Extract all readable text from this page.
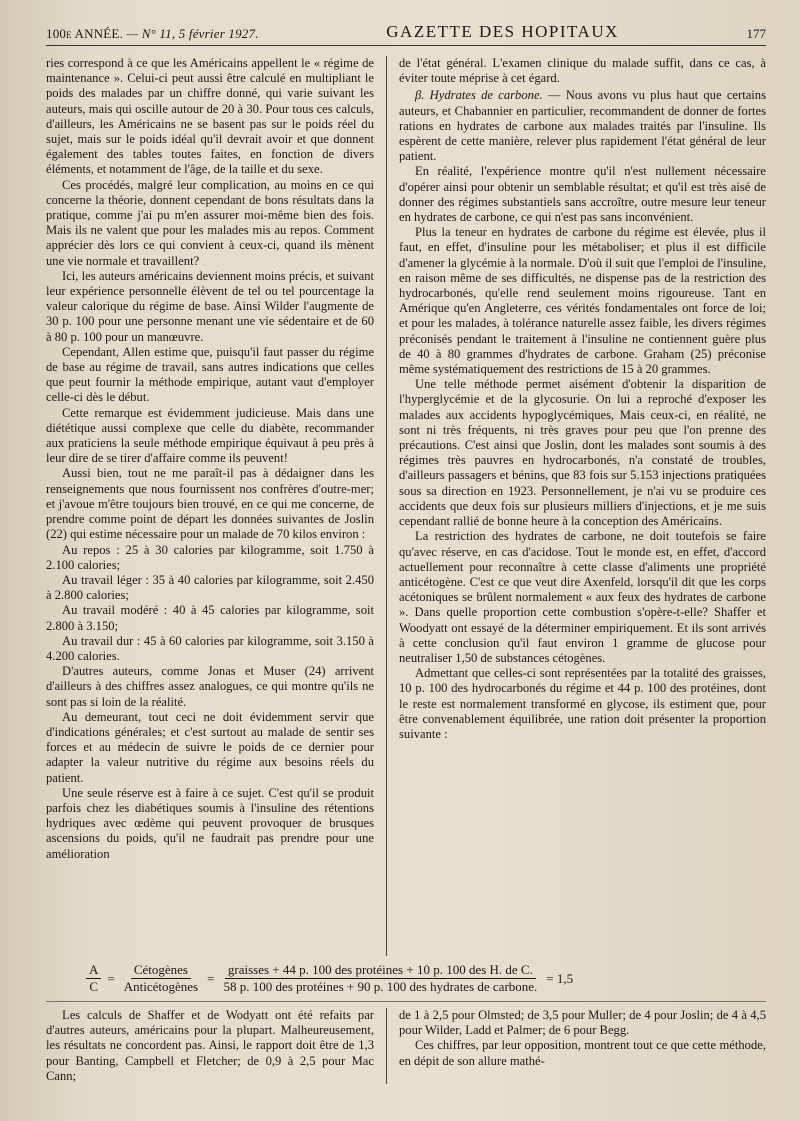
100e ANNÉE. — N° 11, 5 février 1927.	GAZETTE DES HOPITAUX	177

ries correspond à ce que les Américains appellent le « régime de maintenance ». Celui-ci peut aussi être calculé en multipliant le poids des malades par un chiffre donné, qui varie suivant les auteurs, mais qui oscille autour de 20 à 30. Pour tous ces calculs, d'ailleurs, les Américains ne se basent pas sur le poids réel du sujet, mais sur le poids idéal qu'il devrait avoir et que donnent également des tables toutes faites, en fonction de divers éléments, et notamment de l'âge, de la taille et du sexe.

Ces procédés, malgré leur complication, au moins en ce qui concerne la théorie, donnent cependant de bons résultats dans la pratique, comme j'ai pu m'en assurer moi-même bien des fois. Mais ils ne valent que pour les malades mis au repos. Comment apprécier dès lors ce qui convient à ceux-ci, quand ils mènent une vie normale et travaillent?

Ici, les auteurs américains deviennent moins précis, et suivant leur expérience personnelle élèvent de tel ou tel pourcentage la valeur calorique du régime de base. Ainsi Wilder l'augmente de 30 p. 100 pour une personne menant une vie sédentaire et de 60 à 80 p. 100 pour un manœuvre.

Cependant, Allen estime que, puisqu'il faut passer du régime de base au régime de travail, sans autres indications que celles que peut fournir la méthode empirique, autant vaut d'employer celle-ci dès le début.

Cette remarque est évidemment judicieuse. Mais dans une diététique aussi complexe que celle du diabète, recommander aux praticiens la seule méthode empirique équivaut à peu près à leur dire de se tirer d'affaire comme ils peuvent!

Aussi bien, tout ne me paraît-il pas à dédaigner dans les renseignements que nous fournissent nos confrères d'outre-mer; et j'avoue m'être toujours bien trouvé, en ce qui me concerne, de prendre comme point de départ les données suivantes de Joslin (22) qui estime nécessaire pour un malade de 70 kilos environ :

Au repos : 25 à 30 calories par kilogramme, soit 1.750 à 2.100 calories;

Au travail léger : 35 à 40 calories par kilogramme, soit 2.450 à 2.800 calories;

Au travail modéré : 40 à 45 calories par kilogramme, soit 2.800 à 3.150;

Au travail dur : 45 à 60 calories par kilogramme, soit 3.150 à 4.200 calories.

D'autres auteurs, comme Jonas et Muser (24) arrivent d'ailleurs à des chiffres assez analogues, ce qui montre qu'ils ne sont pas si loin de la réalité.

Au demeurant, tout ceci ne doit évidemment servir que d'indications générales; et c'est surtout au malade de sentir ses forces et au médecin de suivre le poids de ce dernier pour adapter la valeur nutritive du régime aux besoins réels du patient.

Une seule réserve est à faire à ce sujet. C'est qu'il se produit parfois chez les diabétiques soumis à l'insuline des rétentions hydriques avec œdème qui peuvent provoquer de brusques ascensions du poids, qu'il ne faudrait pas prendre pour une amélioration

de l'état général. L'examen clinique du malade suffit, dans ce cas, à éviter toute méprise à cet égard.

β. Hydrates de carbone. — Nous avons vu plus haut que certains auteurs, et Chabannier en particulier, recommandent de donner de fortes rations en hydrates de carbone aux malades traités par l'insuline. Ils espèrent de cette manière, relever plus rapidement l'état général de leur patient.

En réalité, l'expérience montre qu'il n'est nullement nécessaire d'opérer ainsi pour obtenir un semblable résultat; et qu'il est très aisé de donner des régimes substantiels sans accroître, outre mesure leur teneur en hydrates de carbone, ce qui n'est pas sans inconvénient.

Plus la teneur en hydrates de carbone du régime est élevée, plus il faut, en effet, d'insuline pour les métaboliser; et plus il est difficile d'amener la glycémie à la normale. D'où il suit que l'emploi de l'insuline, en raison même de ses difficultés, ne dispense pas de la restriction des hydrocarbonés, qu'elle rend seulement moins rigoureuse. Tant en Amérique qu'en Angleterre, ces vérités fondamentales ont force de loi; et pour les malades, à tolérance naturelle assez faible, les divers régimes préconisés pendant le traitement à l'insuline ne contiennent guère plus de 40 à 80 grammes d'hydrates de carbone. Graham (25) préconise même systématiquement des restrictions de 15 à 20 grammes.

Une telle méthode permet aisément d'obtenir la disparition de l'hyperglycémie et de la glycosurie. On lui a reproché d'exposer les malades aux accidents hypoglycémiques, Mais ceux-ci, en réalité, ne sont ni très fréquents, ni très graves pour peu que l'on prenne des précautions. C'est ainsi que Joslin, dont les malades sont soumis à des régimes très pauvres en hydrocarbonés, n'a constaté de troubles, d'ailleurs passagers et bénins, que 83 fois sur 5.153 injections pratiquées sous sa direction en 1923. Personnellement, je n'ai vu se produire ces accidents que deux fois sur plusieurs milliers d'injections, et je me suis cependant rallié de bonne heure à la conception des Américains.

La restriction des hydrates de carbone, ne doit toutefois se faire qu'avec réserve, en cas d'acidose. Tout le monde est, en effet, d'accord actuellement pour reconnaître à cette classe d'aliments une propriété anticétogène. C'est ce que veut dire Axenfeld, lorsqu'il dit que les corps acétoniques se brûlent normalement « aux feux des hydrates de carbone ». Dans quelle proportion cette combustion s'opère-t-elle? Shaffer et Woodyatt ont essayé de la déterminer empiriquement. Et ils sont arrivés à cette conclusion qu'il faut environ 1 gramme de glucose pour neutraliser 1,50 de substances cétogènes.

Admettant que celles-ci sont représentées par la totalité des graisses, 10 p. 100 des hydrocarbonés du régime et 44 p. 100 des protéines, dont le reste est normalement transformé en glycose, ils estiment que, pour être convenablement équilibrée, une ration doit présenter la proportion suivante :

$\frac{A}{C} = \frac{\text{Cétogènes}}{\text{Anticétogènes}} = \frac{\text{graisses + 44 p. 100 des protéines + 10 p. 100 des H. de C.}}{\text{58 p. 100 des protéines + 90 p. 100 des hydrates de carbone.}} = 1,5$

Les calculs de Shaffer et de Wodyatt ont été refaits par d'autres auteurs, américains pour la plupart. Malheureusement, les résultats ne concordent pas. Ainsi, le rapport doit être de 1,3 pour Banting, Campbell et Fletcher; de 0,9 à 2,5 pour Mac Cann;

de 1 à 2,5 pour Olmsted; de 3,5 pour Muller; de 4 pour Joslin; de 4 à 4,5 pour Wilder, Ladd et Palmer; de 6 pour Begg.

Ces chiffres, par leur opposition, montrent tout ce que cette méthode, en dépit de son allure mathé-
